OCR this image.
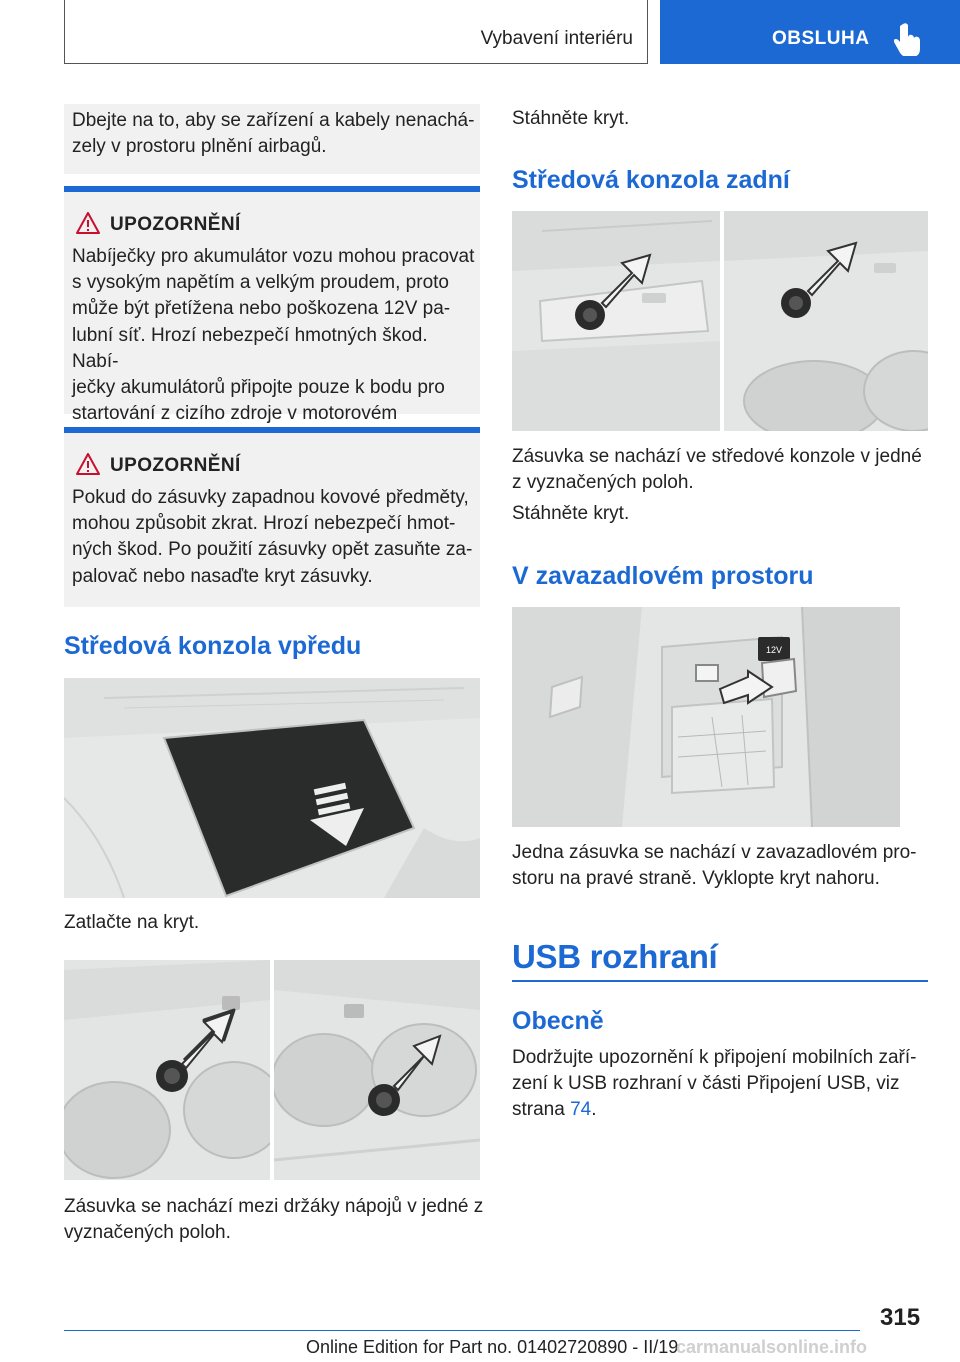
Vybavení interiéru	OBSLUHA

Dbejte na to, aby se zařízení a kabely nenachá‐
zely v prostoru plnění airbagů.

UPOZORNĚNÍ
Nabíječky pro akumulátor vozu mohou pracovat
s vysokým napětím a velkým proudem, proto
může být přetížena nebo poškozena 12V pa‐
lubní síť. Hrozí nebezpečí hmotných škod. Nabí‐
ječky akumulátorů připojte pouze k bodu pro
startování z cizího zdroje v motorovém
UPOZORNĚNÍ
Pokud do zásuvky zapadnou kovové předměty,
mohou způsobit zkrat. Hrozí nebezpečí hmot‐
ných škod. Po použití zásuvky opět zasuňte za‐
palovač nebo nasaďte kryt zásuvky.
Středová konzola vpředu

Zatlačte na kryt.

Zásuvka se nachází mezi držáky nápojů v jedné z
vyznačených poloh.

Stáhněte kryt.

Středová konzola zadní

Zásuvka se nachází ve středové konzole v jedné
z vyznačených poloh.

Stáhněte kryt.

V zavazadlovém prostoru
12V

Jedna zásuvka se nachází v zavazadlovém pro‐
storu na pravé straně. Vyklopte kryt nahoru.

USB rozhraní
Obecně

Dodržujte upozornění k připojení mobilních zaří‐
zení k USB rozhraní v části Připojení USB, viz
strana 74.

315
Online Edition for Part no. 01402720890 - II/19
carmanualsonline.info
